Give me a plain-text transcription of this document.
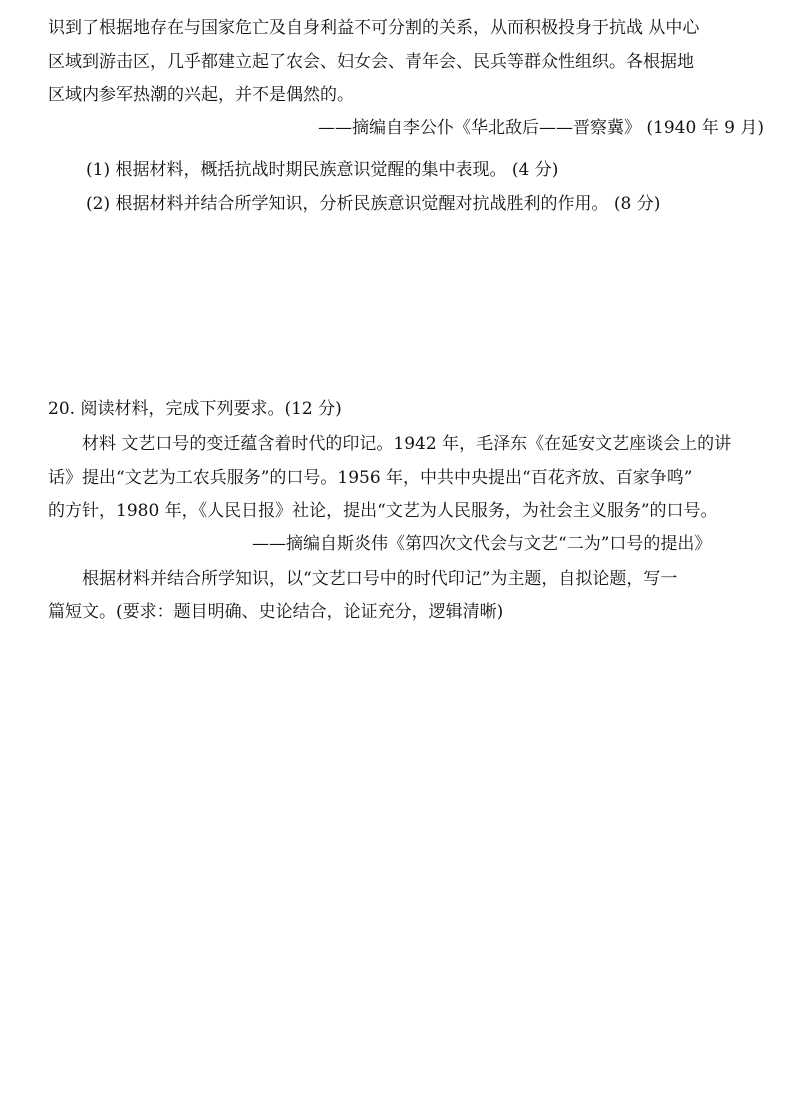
识到了根据地存在与国家危亡及自身利益不可分割的关系，从而积极投身于抗战 从中心
区域到游击区，几乎都建立起了农会、妇女会、青年会、民兵等群众性组织。各根据地
区域内参军热潮的兴起，并不是偶然的。
——摘编自李公仆《华北敌后——晋察冀》 (1940 年 9 月)
(1) 根据材料，概括抗战时期民族意识觉醒的集中表现。 (4 分)
(2) 根据材料并结合所学知识，分析民族意识觉醒对抗战胜利的作用。 (8 分)
20. 阅读材料，完成下列要求。(12 分)
材料 文艺口号的变迁蕴含着时代的印记。1942 年，毛泽东《在延安文艺座谈会上的讲
话》提出“文艺为工农兵服务”的口号。1956 年，中共中央提出“百花齐放、百家争鸣”
的方针，1980 年，《人民日报》社论，提出“文艺为人民服务，为社会主义服务”的口号。
——摘编自斯炎伟《第四次文代会与文艺“二为”口号的提出》
根据材料并结合所学知识，以“文艺口号中的时代印记”为主题，自拟论题，写一
篇短文。(要求：题目明确、史论结合，论证充分，逻辑清晰)
